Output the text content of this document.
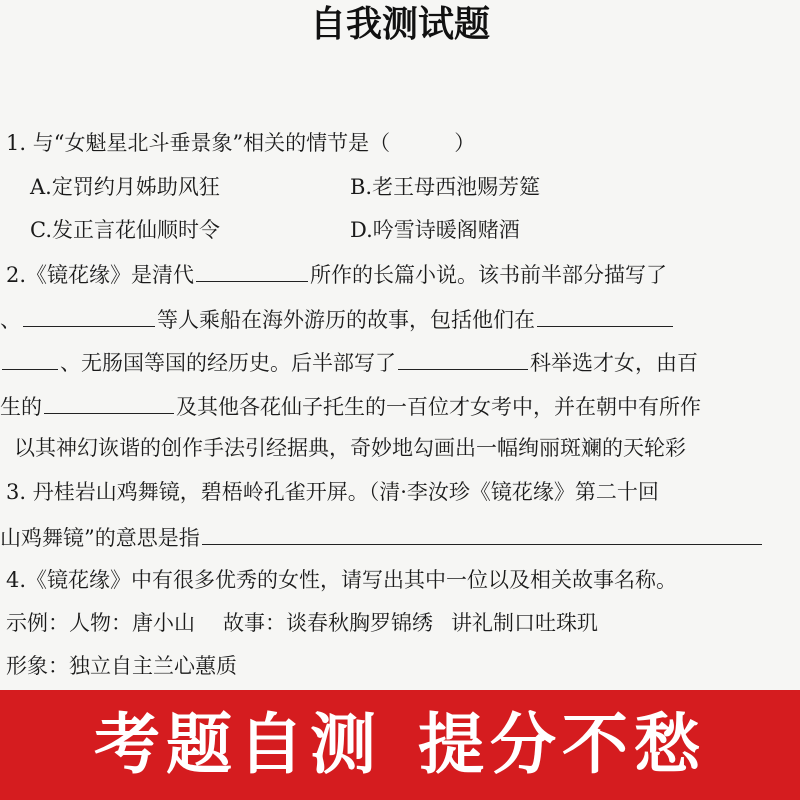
自我测试题
1. 与“女魁星北斗垂景象”相关的情节是（	）
A.定罚约月姊助风狂	B.老王母西池赐芳筵
C.发正言花仙顺时令	D.吟雪诗暖阁赌酒
2.《镜花缘》是清代	所作的长篇小说。该书前半部分描写了
、	等人乘船在海外游历的故事，包括他们在
、无肠国等国的经历史。后半部写了	科举选才女，由百
生的	及其他各花仙子托生的一百位才女考中，并在朝中有所作
以其神幻诙谐的创作手法引经据典，奇妙地勾画出一幅绚丽斑斓的天轮彩
3. 丹桂岩山鸡舞镜，碧梧岭孔雀开屏。（清·李汝珍《镜花缘》第二十回
山鸡舞镜”的意思是指
4.《镜花缘》中有很多优秀的女性，请写出其中一位以及相关故事名称。
示例：人物：唐小山 故事：谈春秋胸罗锦绣 讲礼制口吐珠玑
形象：独立自主兰心蕙质
考题自测 提分不愁
